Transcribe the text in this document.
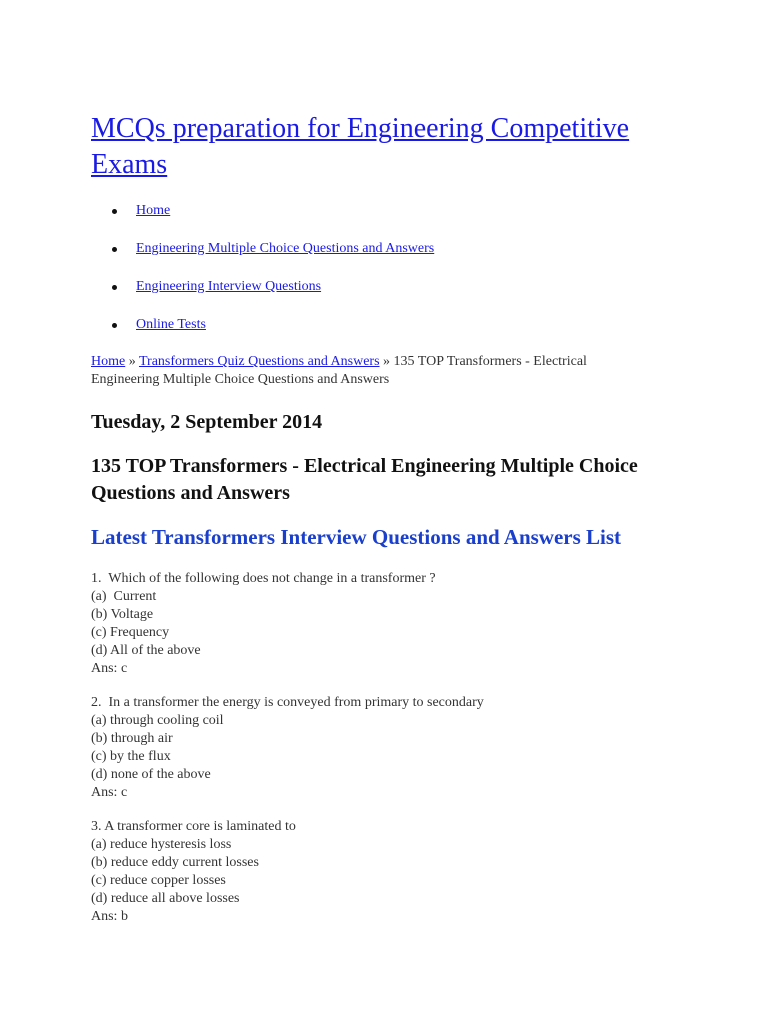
MCQs preparation for Engineering Competitive Exams
Home
Engineering Multiple Choice Questions and Answers
Engineering Interview Questions
Online Tests
Home » Transformers Quiz Questions and Answers » 135 TOP Transformers - Electrical Engineering Multiple Choice Questions and Answers
Tuesday, 2 September 2014
135 TOP Transformers - Electrical Engineering Multiple Choice Questions and Answers
Latest Transformers Interview Questions and Answers List
1.  Which of the following does not change in a transformer ?
(a)  Current
(b) Voltage
(c) Frequency
(d) All of the above
Ans: c
2.  In a transformer the energy is conveyed from primary to secondary
(a) through cooling coil
(b) through air
(c) by the flux
(d) none of the above
Ans: c
3. A transformer core is laminated to
(a) reduce hysteresis loss
(b) reduce eddy current losses
(c) reduce copper losses
(d) reduce all above losses
Ans: b
